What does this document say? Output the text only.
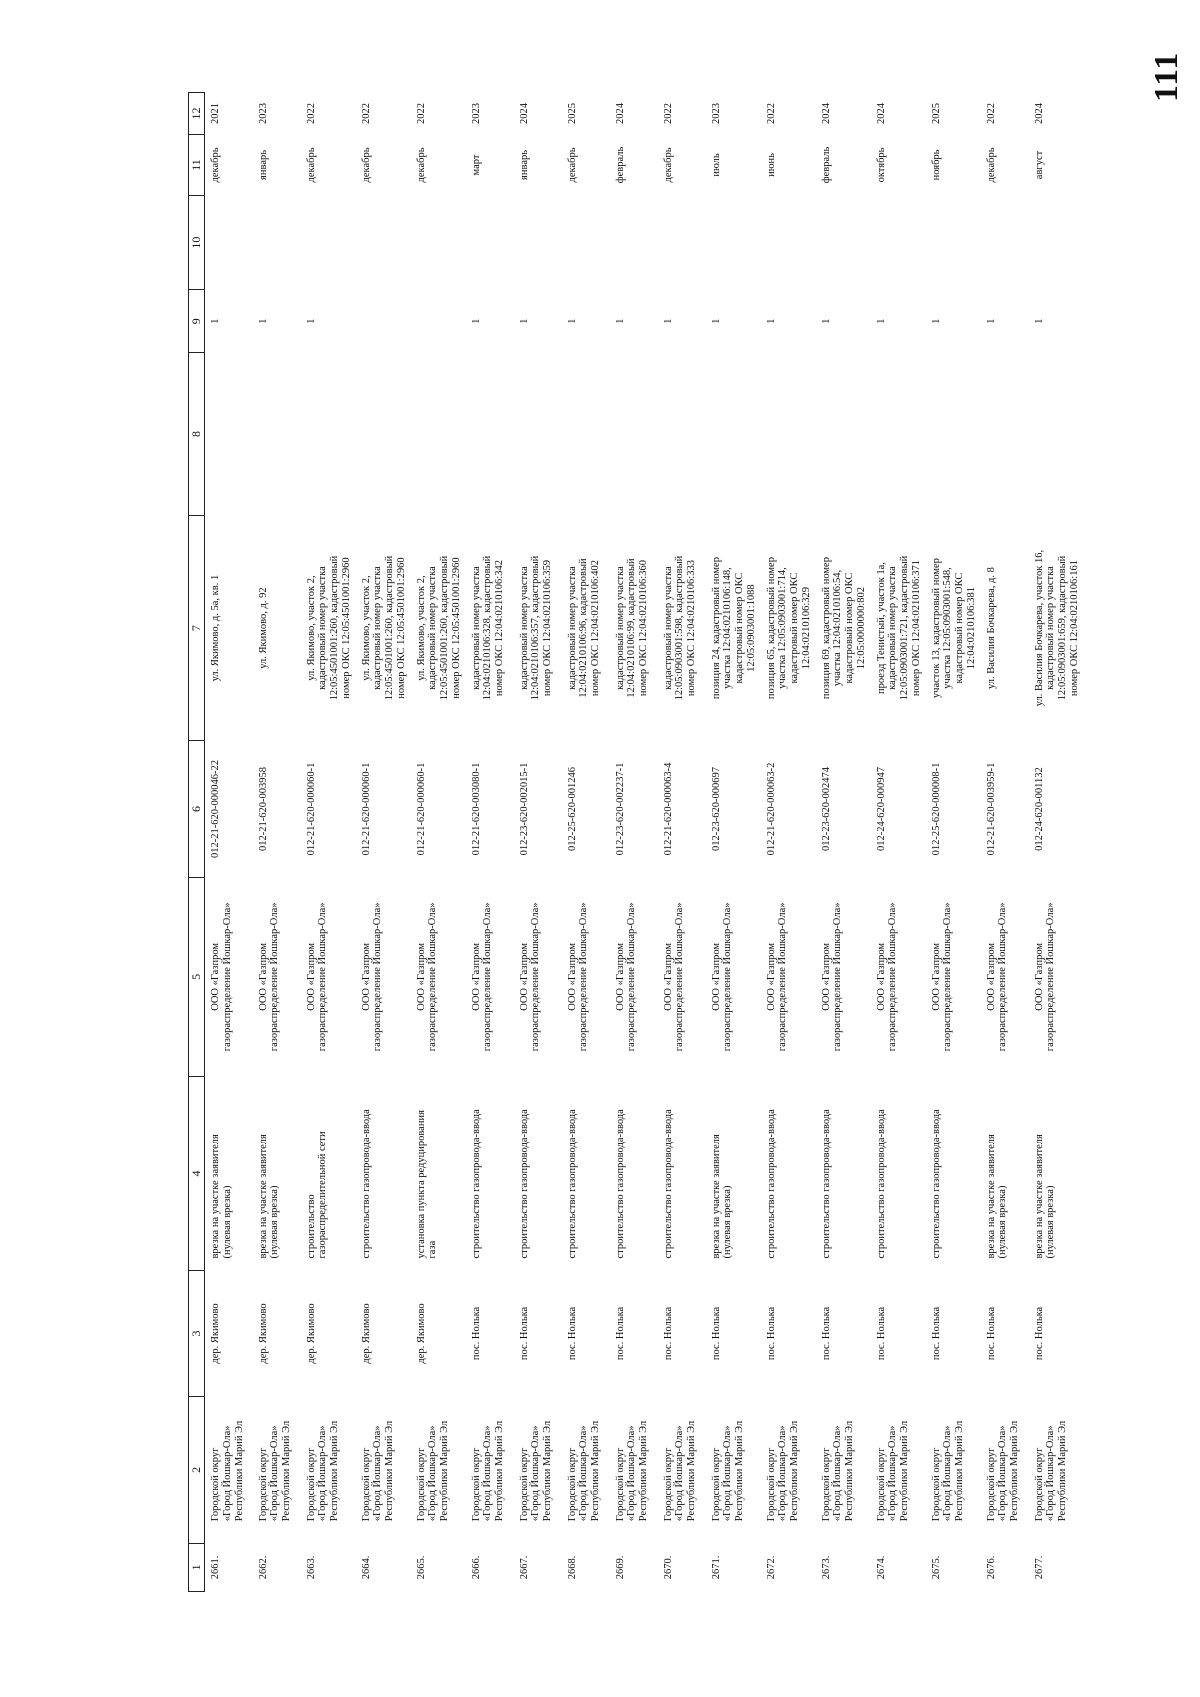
111
1	2	3	4	5	6	7	8	9	10	11	12
2661.	Городской округ
«Город Йошкар-Ола»
Республики Марий Эл	дер. Якимово	врезка на участке заявителя
(нулевая врезка)	ООО «Газпром
газораспределение Йошкар-Ола»	012-21-620-000046-22	ул. Якимово, д. 5а, кв. 1		1		декабрь	2021
2662.	Городской округ
«Город Йошкар-Ола»
Республики Марий Эл	дер. Якимово	врезка на участке заявителя
(нулевая врезка)	ООО «Газпром
газораспределение Йошкар-Ола»	012-21-620-003958	ул. Якимово, д. 92		1		январь	2023
2663.	Городской округ
«Город Йошкар-Ола»
Республики Марий Эл	дер. Якимово	строительство
газораспределительной сети	ООО «Газпром
газораспределение Йошкар-Ола»	012-21-620-000060-1	ул. Якимово, участок 2,
кадастровый номер участка
12:05:4501001:260, кадастровый
номер ОКС 12:05:4501001:2960		1		декабрь	2022
2664.	Городской округ
«Город Йошкар-Ола»
Республики Марий Эл	дер. Якимово	строительство газопровода-ввода	ООО «Газпром
газораспределение Йошкар-Ола»	012-21-620-000060-1	ул. Якимово, участок 2,
кадастровый номер участка
12:05:4501001:260, кадастровый
номер ОКС 12:05:4501001:2960				декабрь	2022
2665.	Городской округ
«Город Йошкар-Ола»
Республики Марий Эл	дер. Якимово	установка пункта редуцирования
газа	ООО «Газпром
газораспределение Йошкар-Ола»	012-21-620-000060-1	ул. Якимово, участок 2,
кадастровый номер участка
12:05:4501001:260, кадастровый
номер ОКС 12:05:4501001:2960				декабрь	2022
2666.	Городской округ
«Город Йошкар-Ола»
Республики Марий Эл	пос. Нолька	строительство газопровода-ввода	ООО «Газпром
газораспределение Йошкар-Ола»	012-21-620-003080-1	кадастровый номер участка
12:04:0210106:328, кадастровый
номер ОКС 12:04:0210106:342		1		март	2023
2667.	Городской округ
«Город Йошкар-Ола»
Республики Марий Эл	пос. Нолька	строительство газопровода-ввода	ООО «Газпром
газораспределение Йошкар-Ола»	012-23-620-002015-1	кадастровый номер участка
12:04:0210106:357, кадастровый
номер ОКС 12:04:0210106:359		1		январь	2024
2668.	Городской округ
«Город Йошкар-Ола»
Республики Марий Эл	пос. Нолька	строительство газопровода-ввода	ООО «Газпром
газораспределение Йошкар-Ола»	012-25-620-001246	кадастровый номер участка
12:04:0210106:96, кадастровый
номер ОКС 12:04:0210106:402		1		декабрь	2025
2669.	Городской округ
«Город Йошкар-Ола»
Республики Марий Эл	пос. Нолька	строительство газопровода-ввода	ООО «Газпром
газораспределение Йошкар-Ола»	012-23-620-002237-1	кадастровый номер участка
12:04:0210106:99, кадастровый
номер ОКС 12:04:0210106:360		1		февраль	2024
2670.	Городской округ
«Город Йошкар-Ола»
Республики Марий Эл	пос. Нолька	строительство газопровода-ввода	ООО «Газпром
газораспределение Йошкар-Ола»	012-21-620-000063-4	кадастровый номер участка
12:05:0903001:598, кадастровый
номер ОКС 12:04:0210106:333		1		декабрь	2022
2671.	Городской округ
«Город Йошкар-Ола»
Республики Марий Эл	пос. Нолька	врезка на участке заявителя
(нулевая врезка)	ООО «Газпром
газораспределение Йошкар-Ола»	012-23-620-000697	позиция 24, кадастровый номер
участка 12:04:0210106:148,
кадастровый номер ОКС
12:05:0903001:1088		1		июль	2023
2672.	Городской округ
«Город Йошкар-Ола»
Республики Марий Эл	пос. Нолька	строительство газопровода-ввода	ООО «Газпром
газораспределение Йошкар-Ола»	012-21-620-000063-2	позиция 65, кадастровый номер
участка 12:05:0903001:714,
кадастровый номер ОКС
12:04:0210106:329		1		июнь	2022
2673.	Городской округ
«Город Йошкар-Ола»
Республики Марий Эл	пос. Нолька	строительство газопровода-ввода	ООО «Газпром
газораспределение Йошкар-Ола»	012-23-620-002474	позиция 69, кадастровый номер
участка 12:04:0210106:54,
кадастровый номер ОКС
12:05:0000000:802		1		февраль	2024
2674.	Городской округ
«Город Йошкар-Ола»
Республики Марий Эл	пос. Нолька	строительство газопровода-ввода	ООО «Газпром
газораспределение Йошкар-Ола»	012-24-620-000947	проезд Тенистый, участок 1а,
кадастровый номер участка
12:05:0903001:721, кадастровый
номер ОКС 12:04:0210106:371		1		октябрь	2024
2675.	Городской округ
«Город Йошкар-Ола»
Республики Марий Эл	пос. Нолька	строительство газопровода-ввода	ООО «Газпром
газораспределение Йошкар-Ола»	012-25-620-000008-1	участок 13, кадастровый номер
участка 12:05:0903001:548,
кадастровый номер ОКС
12:04:0210106:381		1		ноябрь	2025
2676.	Городской округ
«Город Йошкар-Ола»
Республики Марий Эл	пос. Нолька	врезка на участке заявителя
(нулевая врезка)	ООО «Газпром
газораспределение Йошкар-Ола»	012-21-620-003959-1	ул. Василия Бочкарева, д. 8		1		декабрь	2022
2677.	Городской округ
«Город Йошкар-Ола»
Республики Марий Эл	пос. Нолька	врезка на участке заявителя
(нулевая врезка)	ООО «Газпром
газораспределение Йошкар-Ола»	012-24-620-001132	ул. Василия Бочкарева, участок 16,
кадастровый номер участка
12:05:0903001:659, кадастровый
номер ОКС 12:04:0210106:161		1		август	2024
